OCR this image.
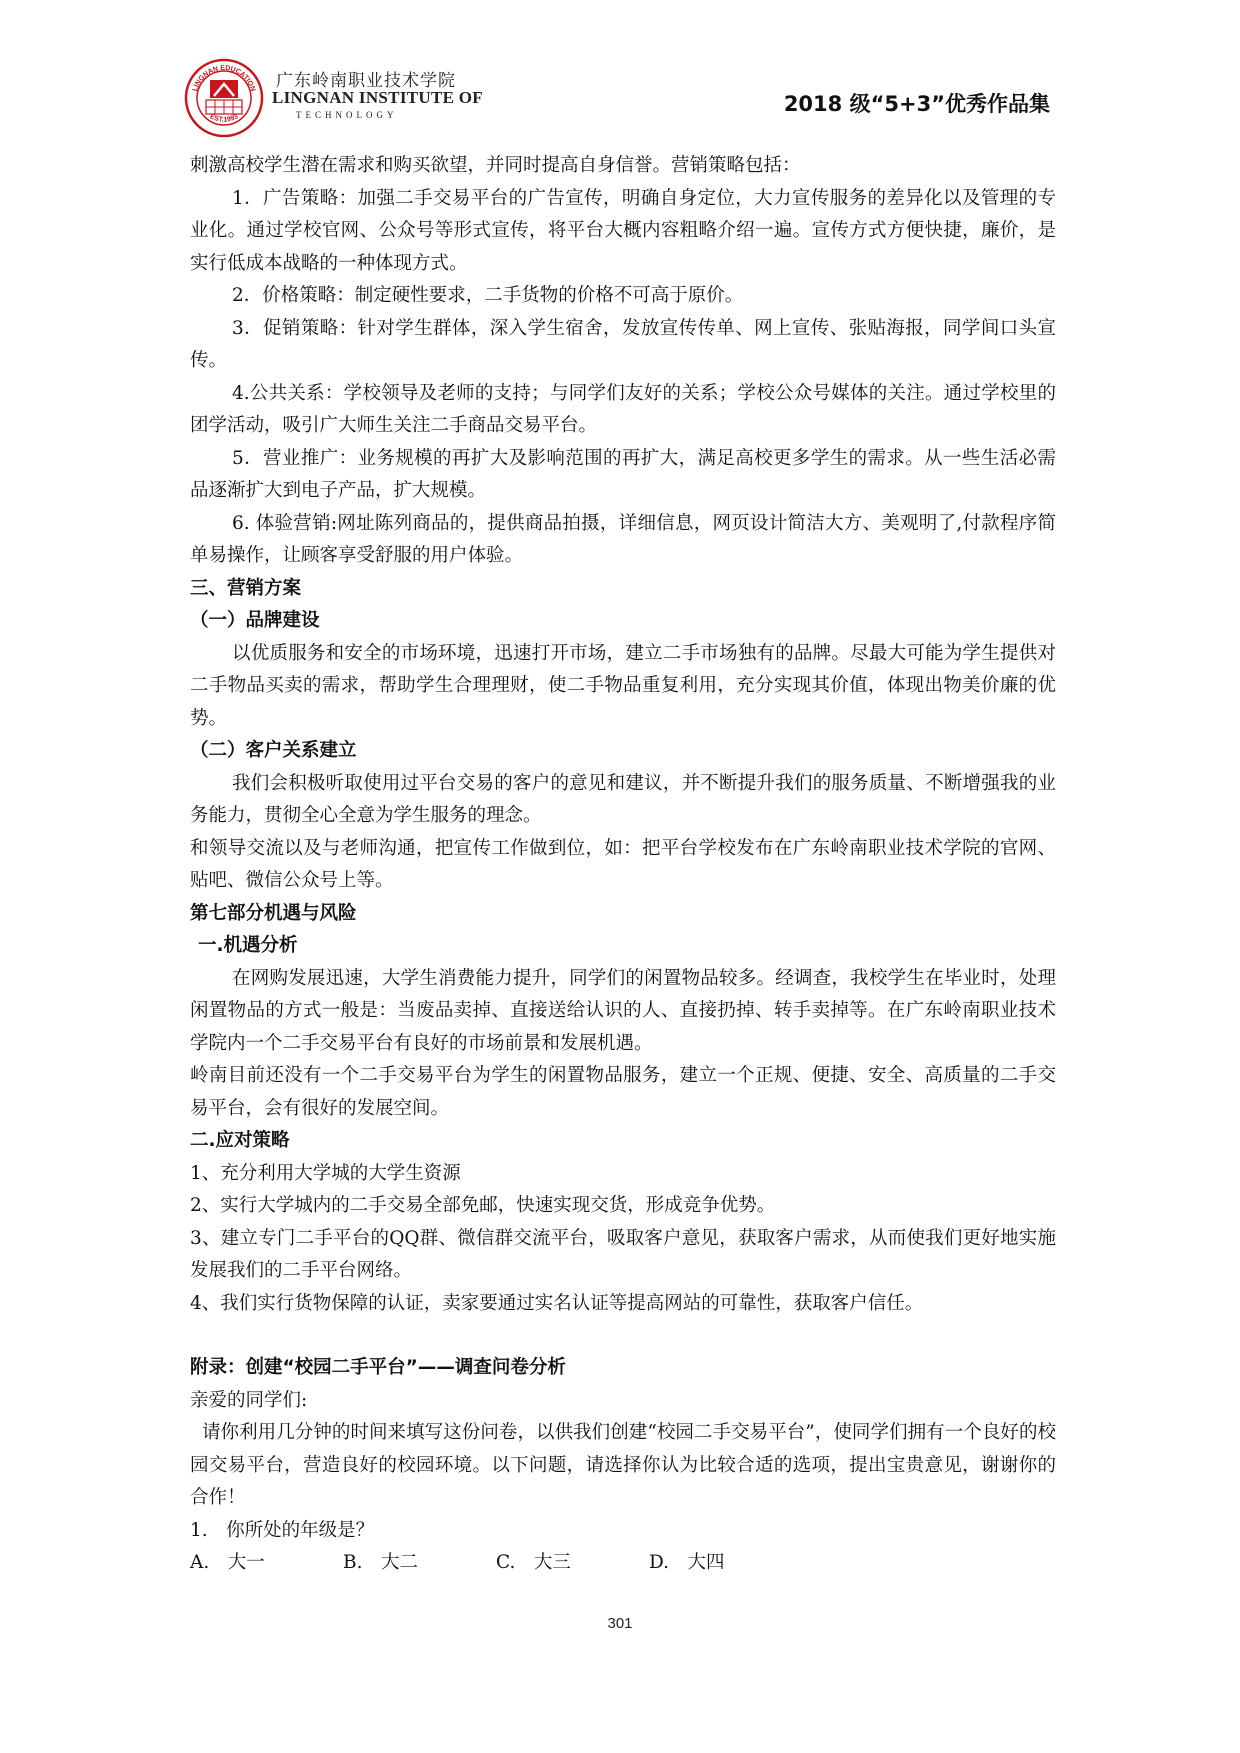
LINGNAN EDUCATION
EST.1993
广东岭南职业技术学院
LINGNAN INSTITUTE OF
TECHNOLOGY	2018 级“5+3”优秀作品集

刺激高校学生潜在需求和购买欲望，并同时提高自身信誉。营销策略包括：

1．广告策略：加强二手交易平台的广告宣传，明确自身定位，大力宣传服务的差异化以及管理的专业化。通过学校官网、公众号等形式宣传，将平台大概内容粗略介绍一遍。宣传方式方便快捷，廉价，是实行低成本战略的一种体现方式。

2．价格策略：制定硬性要求，二手货物的价格不可高于原价。

3．促销策略：针对学生群体，深入学生宿舍，发放宣传传单、网上宣传、张贴海报，同学间口头宣传。

4.公共关系：学校领导及老师的支持；与同学们友好的关系；学校公众号媒体的关注。通过学校里的团学活动，吸引广大师生关注二手商品交易平台。

5．营业推广：业务规模的再扩大及影响范围的再扩大，满足高校更多学生的需求。从一些生活必需品逐渐扩大到电子产品，扩大规模。

6. 体验营销:网址陈列商品的，提供商品拍摄，详细信息，网页设计简洁大方、美观明了,付款程序简单易操作，让顾客享受舒服的用户体验。

三、营销方案

（一）品牌建设

以优质服务和安全的市场环境，迅速打开市场，建立二手市场独有的品牌。尽最大可能为学生提供对二手物品买卖的需求，帮助学生合理理财，使二手物品重复利用，充分实现其价值，体现出物美价廉的优势。

（二）客户关系建立

我们会积极听取使用过平台交易的客户的意见和建议，并不断提升我们的服务质量、不断增强我的业务能力，贯彻全心全意为学生服务的理念。

和领导交流以及与老师沟通，把宣传工作做到位，如：把平台学校发布在广东岭南职业技术学院的官网、贴吧、微信公众号上等。

第七部分机遇与风险

一.机遇分析

在网购发展迅速，大学生消费能力提升，同学们的闲置物品较多。经调查，我校学生在毕业时，处理闲置物品的方式一般是：当废品卖掉、直接送给认识的人、直接扔掉、转手卖掉等。在广东岭南职业技术学院内一个二手交易平台有良好的市场前景和发展机遇。

岭南目前还没有一个二手交易平台为学生的闲置物品服务，建立一个正规、便捷、安全、高质量的二手交易平台，会有很好的发展空间。

二.应对策略

1、充分利用大学城的大学生资源

2、实行大学城内的二手交易全部免邮，快速实现交货，形成竞争优势。

3、建立专门二手平台的QQ群、微信群交流平台，吸取客户意见，获取客户需求，从而使我们更好地实施发展我们的二手平台网络。

4、我们实行货物保障的认证，卖家要通过实名认证等提高网站的可靠性，获取客户信任。

附录：创建“校园二手平台”——调查问卷分析

亲爱的同学们:

请你利用几分钟的时间来填写这份问卷，以供我们创建“校园二手交易平台”，使同学们拥有一个良好的校园交易平台，营造良好的校园环境。以下问题，请选择你认为比较合适的选项，提出宝贵意见，谢谢你的合作！

1.　你所处的年级是？

A.　大一	B.　大二	C.　大三	D.　大四
301
